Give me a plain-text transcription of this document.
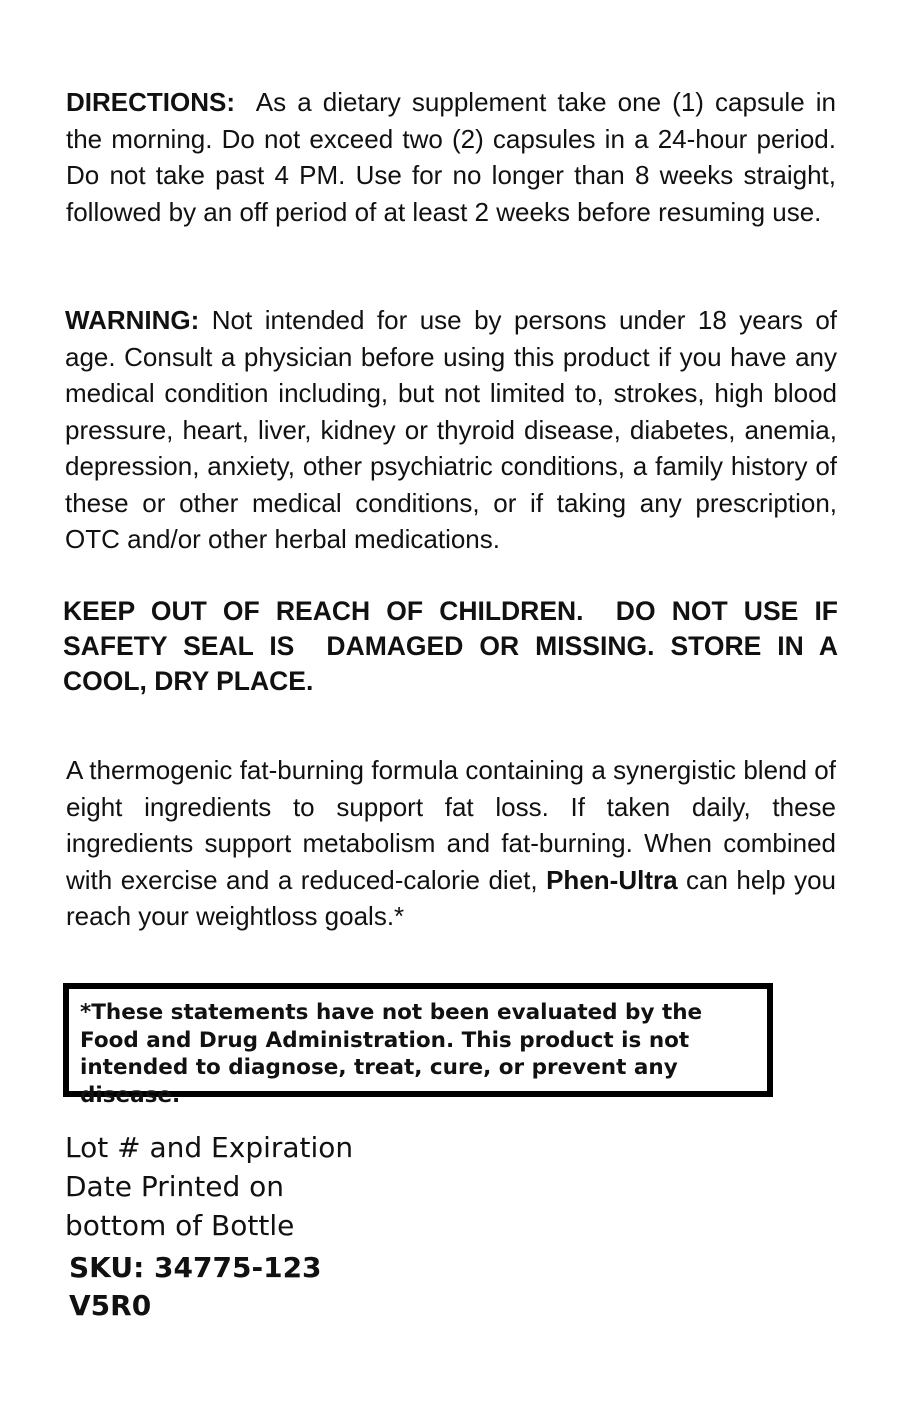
DIRECTIONS:  As a dietary supplement take one (1) capsule in the morning. Do not exceed two (2) capsules in a 24-hour period. Do not take past 4 PM. Use for no longer than 8 weeks straight, followed by an off period of at least 2 weeks before resuming use.
WARNING: Not intended for use by persons under 18 years of age. Consult a physician before using this product if you have any medical condition including, but not limited to, strokes, high blood pressure, heart, liver, kidney or thyroid disease, diabetes, anemia, depression, anxiety, other psychiatric conditions, a family history of these or other medical conditions, or if taking any prescription, OTC and/or other herbal medications.
KEEP OUT OF REACH OF CHILDREN.  DO NOT USE IF SAFETY SEAL IS  DAMAGED OR MISSING. STORE IN A COOL, DRY PLACE.
A thermogenic fat-burning formula containing a synergistic blend of eight ingredients to support fat loss. If taken daily, these ingredients support metabolism and fat-burning. When combined with exercise and a reduced-calorie diet, Phen-Ultra can help you reach your weightloss goals.*
*These statements have not been evaluated by the Food and Drug Administration. This product is not intended to diagnose, treat, cure, or prevent any disease.
Lot # and Expiration
Date Printed on
bottom of Bottle
SKU: 34775-123
V5R0
